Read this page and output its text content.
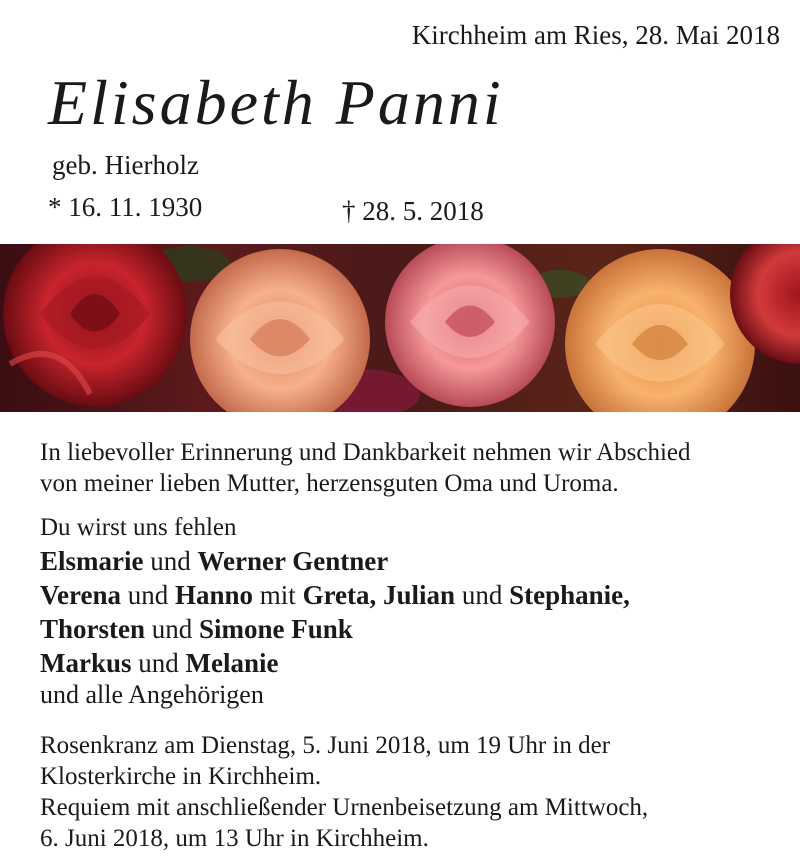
Kirchheim am Ries, 28. Mai 2018
Elisabeth Panni
geb. Hierholz
* 16. 11. 1930	† 28. 5. 2018
In liebevoller Erinnerung und Dankbarkeit nehmen wir Abschied
von meiner lieben Mutter, herzensguten Oma und Uroma.
Du wirst uns fehlen
Elsmarie und Werner Gentner
Verena und Hanno mit Greta, Julian und Stephanie,
Thorsten und Simone Funk
Markus und Melanie
und alle Angehörigen
Rosenkranz am Dienstag, 5. Juni 2018, um 19 Uhr in der
Klosterkirche in Kirchheim.
Requiem mit anschließender Urnenbeisetzung am Mittwoch,
6. Juni 2018, um 13 Uhr in Kirchheim.
